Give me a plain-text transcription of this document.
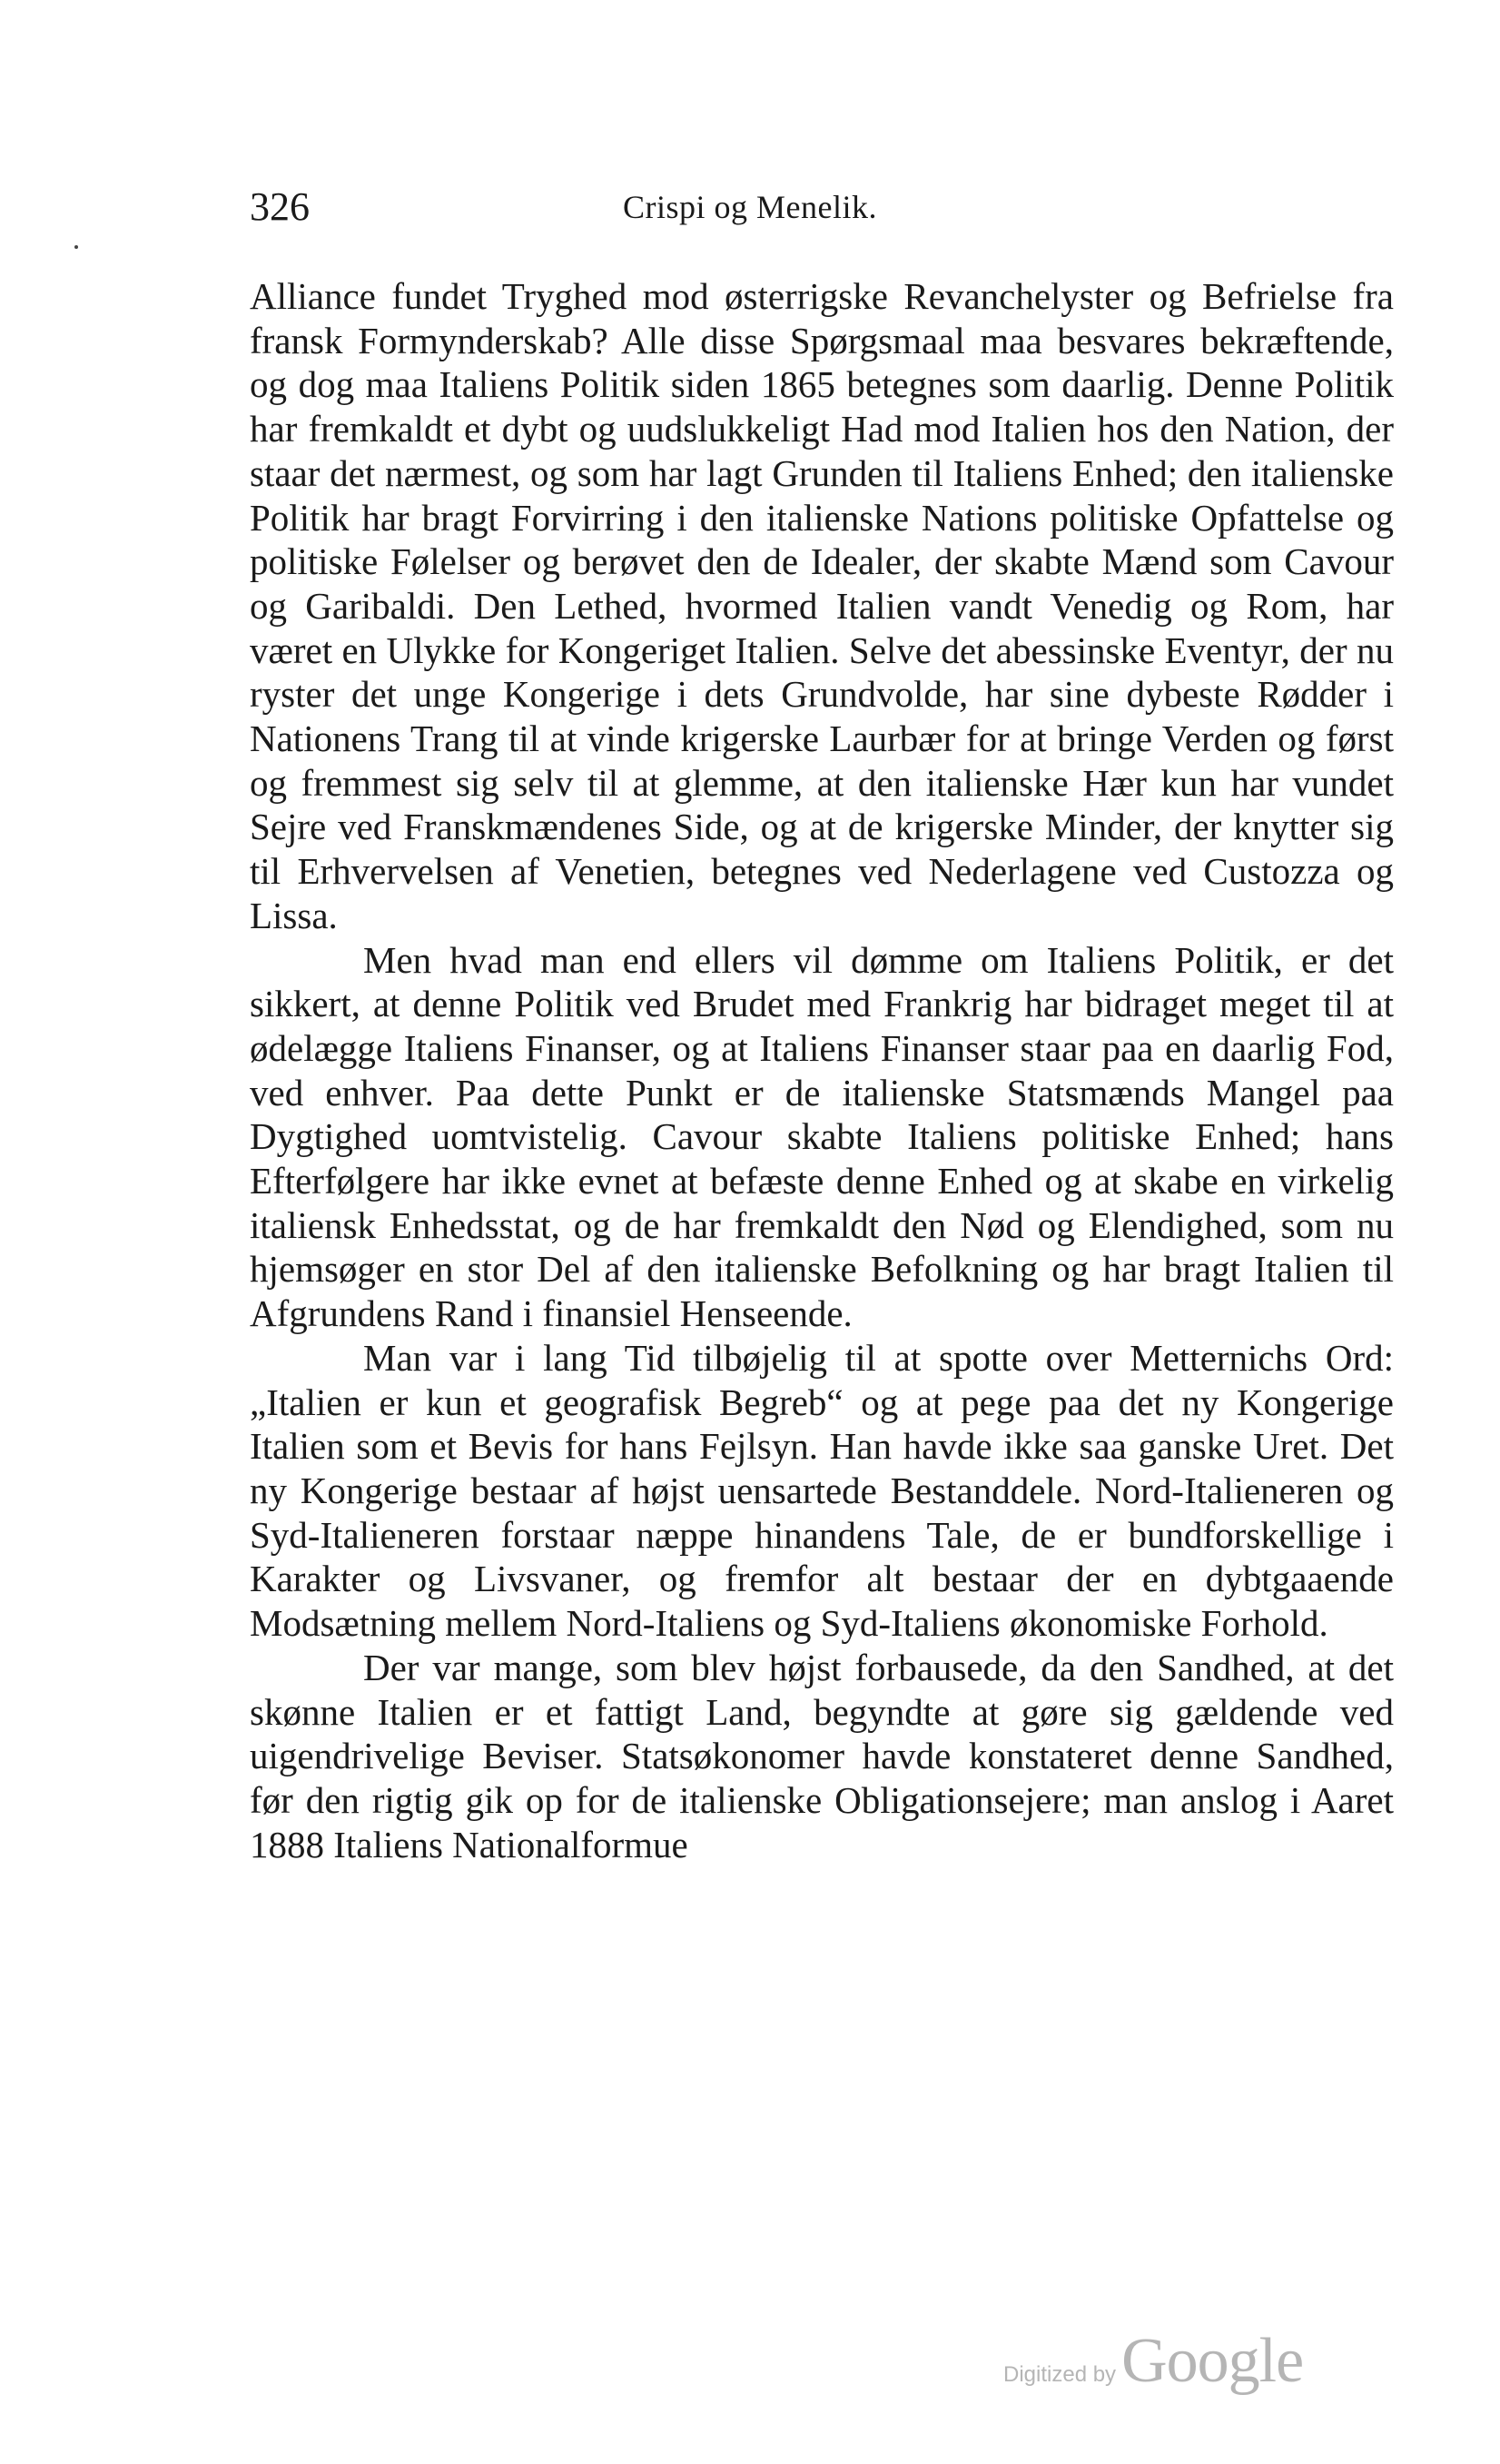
326	Crispi og Menelik.

Alliance fundet Tryghed mod østerrigske Revanchelyster og Befrielse fra fransk Formynderskab? Alle disse Spørgsmaal maa besvares bekræftende, og dog maa Italiens Politik siden 1865 betegnes som daarlig. Denne Politik har fremkaldt et dybt og uudslukkeligt Had mod Italien hos den Nation, der staar det nærmest, og som har lagt Grunden til Italiens Enhed; den italienske Politik har bragt Forvirring i den italienske Nations politiske Opfattelse og politiske Følelser og berøvet den de Idealer, der skabte Mænd som Cavour og Garibaldi. Den Lethed, hvormed Italien vandt Venedig og Rom, har været en Ulykke for Kongeriget Italien. Selve det abessinske Eventyr, der nu ryster det unge Kongerige i dets Grundvolde, har sine dybeste Rødder i Nationens Trang til at vinde krigerske Laurbær for at bringe Verden og først og fremmest sig selv til at glemme, at den italienske Hær kun har vundet Sejre ved Franskmændenes Side, og at de krigerske Minder, der knytter sig til Erhvervelsen af Venetien, betegnes ved Nederlagene ved Custozza og Lissa.

Men hvad man end ellers vil dømme om Italiens Politik, er det sikkert, at denne Politik ved Brudet med Frankrig har bidraget meget til at ødelægge Italiens Finanser, og at Italiens Finanser staar paa en daarlig Fod, ved enhver. Paa dette Punkt er de italienske Statsmænds Mangel paa Dygtighed uomtvistelig. Cavour skabte Italiens politiske Enhed; hans Efterfølgere har ikke evnet at befæste denne Enhed og at skabe en virkelig italiensk Enhedsstat, og de har fremkaldt den Nød og Elendighed, som nu hjemsøger en stor Del af den italienske Befolkning og har bragt Italien til Afgrundens Rand i finansiel Henseende.

Man var i lang Tid tilbøjelig til at spotte over Metternichs Ord: „Italien er kun et geografisk Begreb“ og at pege paa det ny Kongerige Italien som et Bevis for hans Fejlsyn. Han havde ikke saa ganske Uret. Det ny Kongerige bestaar af højst uensartede Bestanddele. Nord-Italieneren og Syd-Italieneren forstaar næppe hinandens Tale, de er bundforskellige i Karakter og Livsvaner, og fremfor alt bestaar der en dybtgaaende Modsætning mellem Nord-Italiens og Syd-Italiens økonomiske Forhold.

Der var mange, som blev højst forbausede, da den Sandhed, at det skønne Italien er et fattigt Land, begyndte at gøre sig gældende ved uigendrivelige Beviser. Statsøkonomer havde konstateret denne Sandhed, før den rigtig gik op for de italienske Obligationsejere; man anslog i Aaret 1888 Italiens Nationalformue

Digitized by Google
